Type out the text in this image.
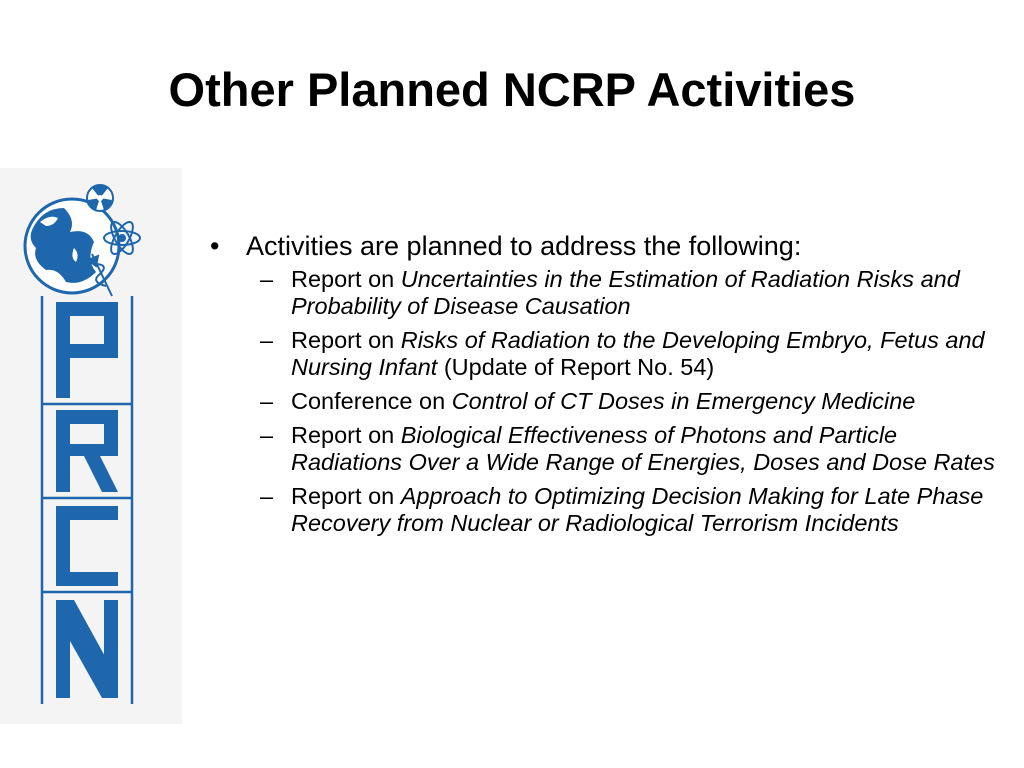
Other Planned NCRP Activities
• Activities are planned to address the following:
– Report on Uncertainties in the Estimation of Radiation Risks and Probability of Disease Causation
– Report on Risks of Radiation to the Developing Embryo, Fetus and Nursing Infant (Update of Report No. 54)
– Conference on Control of CT Doses in Emergency Medicine
– Report on Biological Effectiveness of Photons and Particle Radiations Over a Wide Range of Energies, Doses and Dose Rates
– Report on Approach to Optimizing Decision Making for Late Phase Recovery from Nuclear or Radiological Terrorism Incidents
